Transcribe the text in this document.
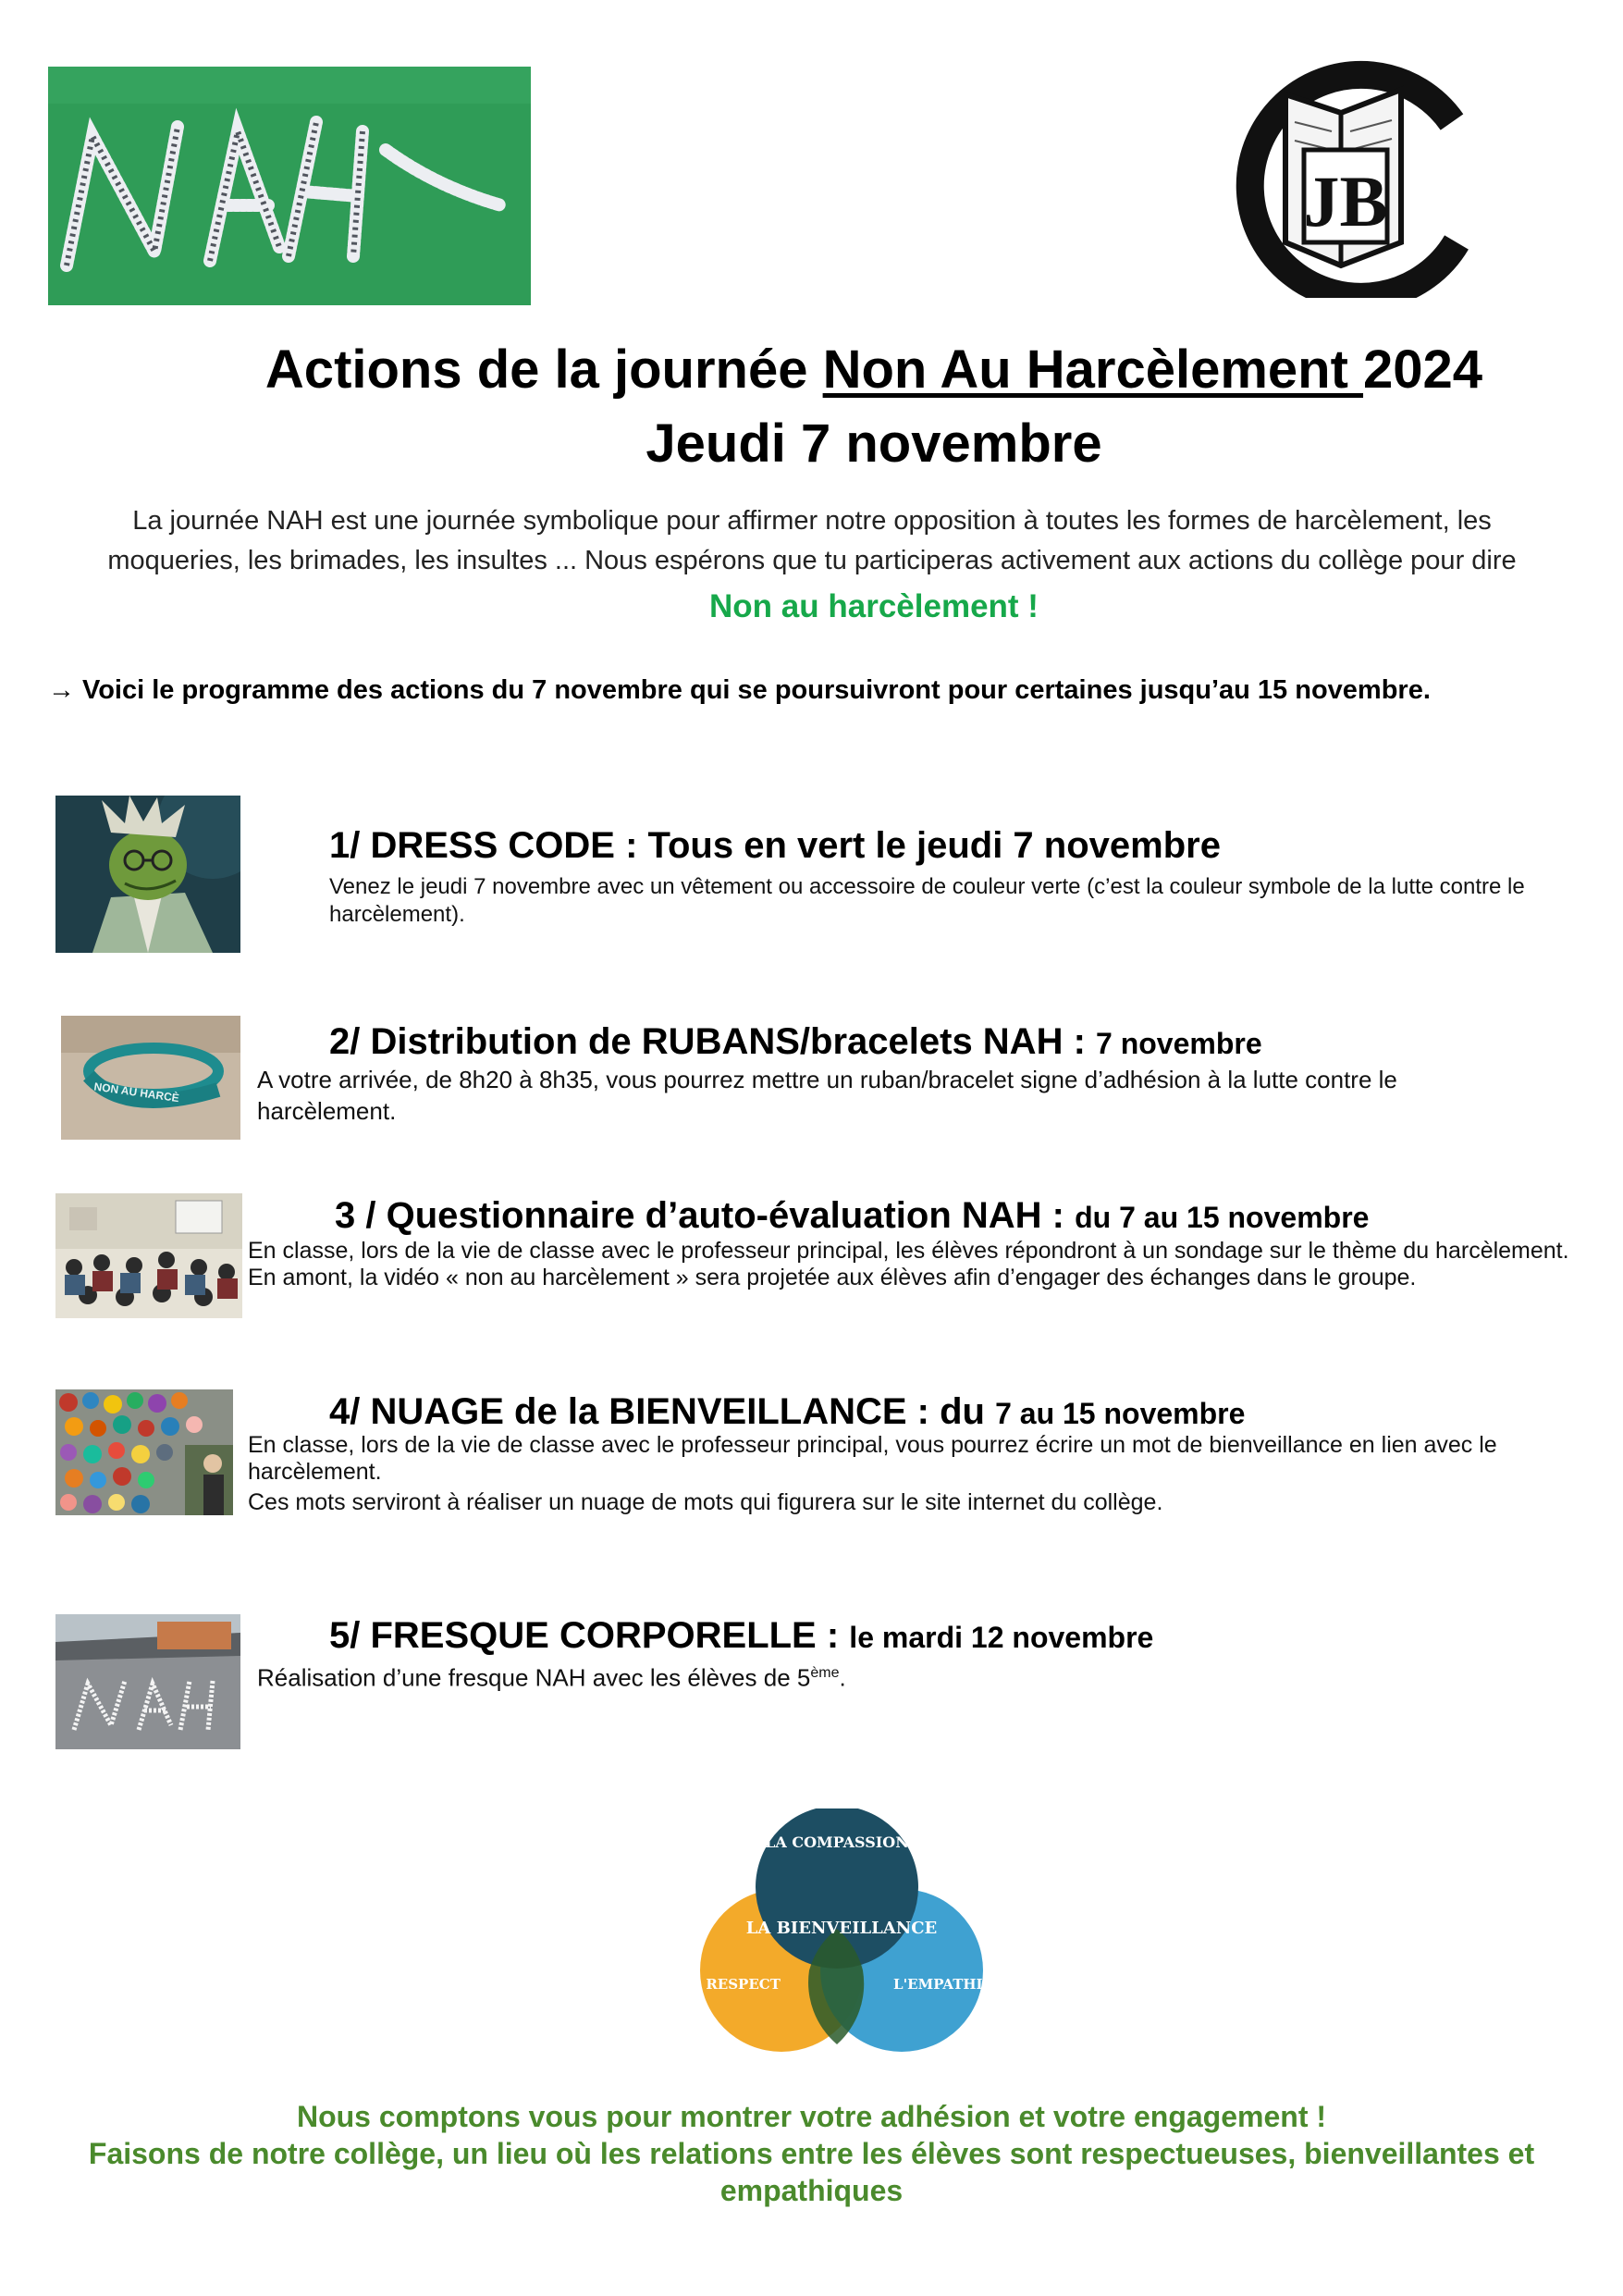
JB
Actions de la journée Non Au Harcèlement 2024
Jeudi 7 novembre
La journée NAH est une journée symbolique pour affirmer notre opposition à toutes les formes de harcèlement, les
moqueries, les brimades, les insultes ... Nous espérons que tu participeras activement aux actions du collège pour dire
Non au harcèlement !
→ Voici le programme des actions du 7 novembre qui se poursuivront pour certaines jusqu’au 15 novembre.
1/ DRESS CODE : Tous en vert le jeudi 7 novembre
Venez le jeudi 7 novembre avec un vêtement ou accessoire de couleur verte (c’est la couleur symbole de la lutte contre le harcèlement).
NON AU HARCÈ
2/ Distribution de RUBANS/bracelets NAH : 7 novembre
A votre arrivée, de 8h20 à 8h35, vous pourrez mettre un ruban/bracelet signe d’adhésion à la lutte contre le harcèlement.
3 / Questionnaire d’auto-évaluation NAH : du 7 au 15 novembre
En classe, lors de la vie de classe avec le professeur principal, les élèves répondront à un sondage sur le thème du harcèlement. En amont, la vidéo « non au harcèlement » sera projetée aux élèves afin d’engager des échanges dans le groupe.
4/ NUAGE de la BIENVEILLANCE : du 7 au 15 novembre
En classe, lors de la vie de classe avec le professeur principal, vous pourrez écrire un mot de bienveillance en lien avec le harcèlement.
Ces mots serviront à réaliser un nuage de mots qui figurera sur le site internet du collège.
5/ FRESQUE CORPORELLE : le mardi 12 novembre
Réalisation d’une fresque NAH avec les élèves de 5ème.
LA COMPASSION
LA BIENVEILLANCE
LE RESPECT	L'EMPATHIE
Nous comptons vous pour montrer votre adhésion et votre engagement !
Faisons de notre collège, un lieu où les relations entre les élèves sont respectueuses, bienveillantes et empathiques
